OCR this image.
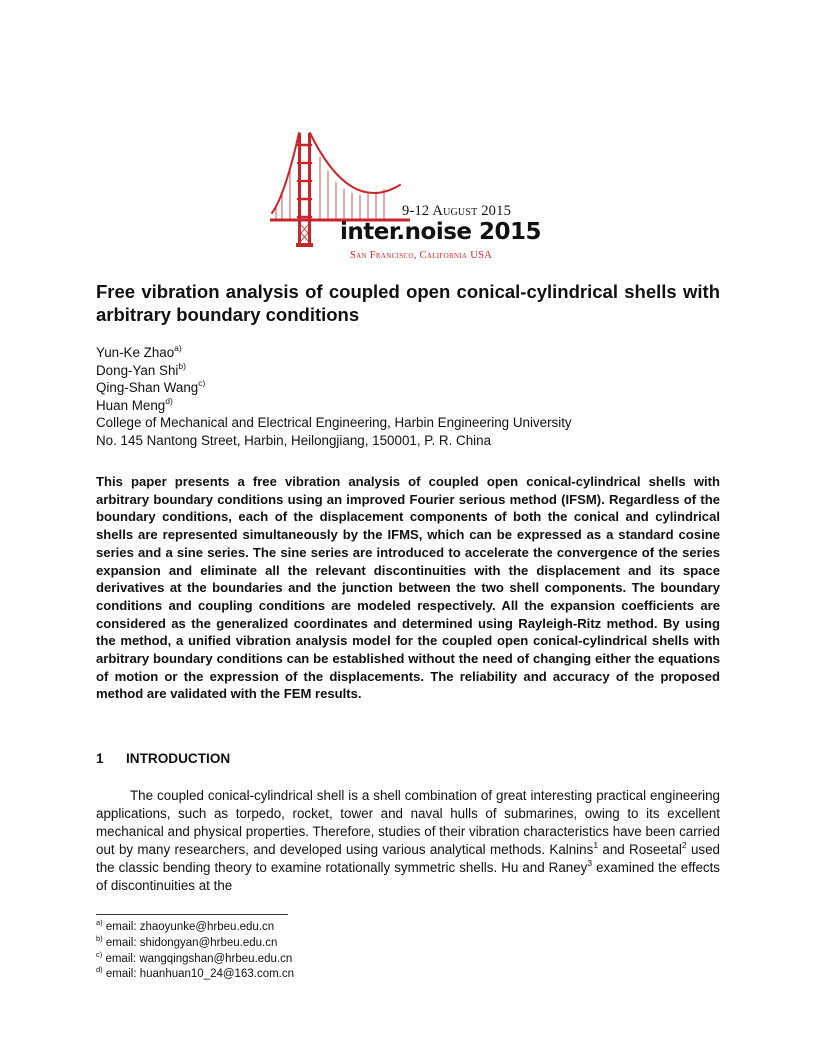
9-12 August 2015
inter.noise 2015
San Francisco, California USA
Free vibration analysis of coupled open conical-cylindrical shells with arbitrary boundary conditions
Yun-Ke Zhao$^{a)}$
Dong-Yan Shi$^{b)}$
Qing-Shan Wang$^{c)}$
Huan Meng$^{d)}$
College of Mechanical and Electrical Engineering, Harbin Engineering University
No. 145 Nantong Street, Harbin, Heilongjiang, 150001, P. R. China

This paper presents a free vibration analysis of coupled open conical-cylindrical shells with arbitrary boundary conditions using an improved Fourier serious method (IFSM). Regardless of the boundary conditions, each of the displacement components of both the conical and cylindrical shells are represented simultaneously by the IFMS, which can be expressed as a standard cosine series and a sine series. The sine series are introduced to accelerate the convergence of the series expansion and eliminate all the relevant discontinuities with the displacement and its space derivatives at the boundaries and the junction between the two shell components. The boundary conditions and coupling conditions are modeled respectively. All the expansion coefficients are considered as the generalized coordinates and determined using Rayleigh-Ritz method. By using the method, a unified vibration analysis model for the coupled open conical-cylindrical shells with arbitrary boundary conditions can be established without the need of changing either the equations of motion or the expression of the displacements. The reliability and accuracy of the proposed method are validated with the FEM results.

1 INTRODUCTION

The coupled conical-cylindrical shell is a shell combination of great interesting practical engineering applications, such as torpedo, rocket, tower and naval hulls of submarines, owing to its excellent mechanical and physical properties. Therefore, studies of their vibration characteristics have been carried out by many researchers, and developed using various analytical methods. Kalnins$^1$ and Roseetal$^2$ used the classic bending theory to examine rotationally symmetric shells. Hu and Raney$^3$ examined the effects of discontinuities at the

$^{a)}$ email: zhaoyunke@hrbeu.edu.cn
$^{b)}$ email: shidongyan@hrbeu.edu.cn
$^{c)}$ email: wangqingshan@hrbeu.edu.cn
$^{d)}$ email: huanhuan10_24@163.com.cn
